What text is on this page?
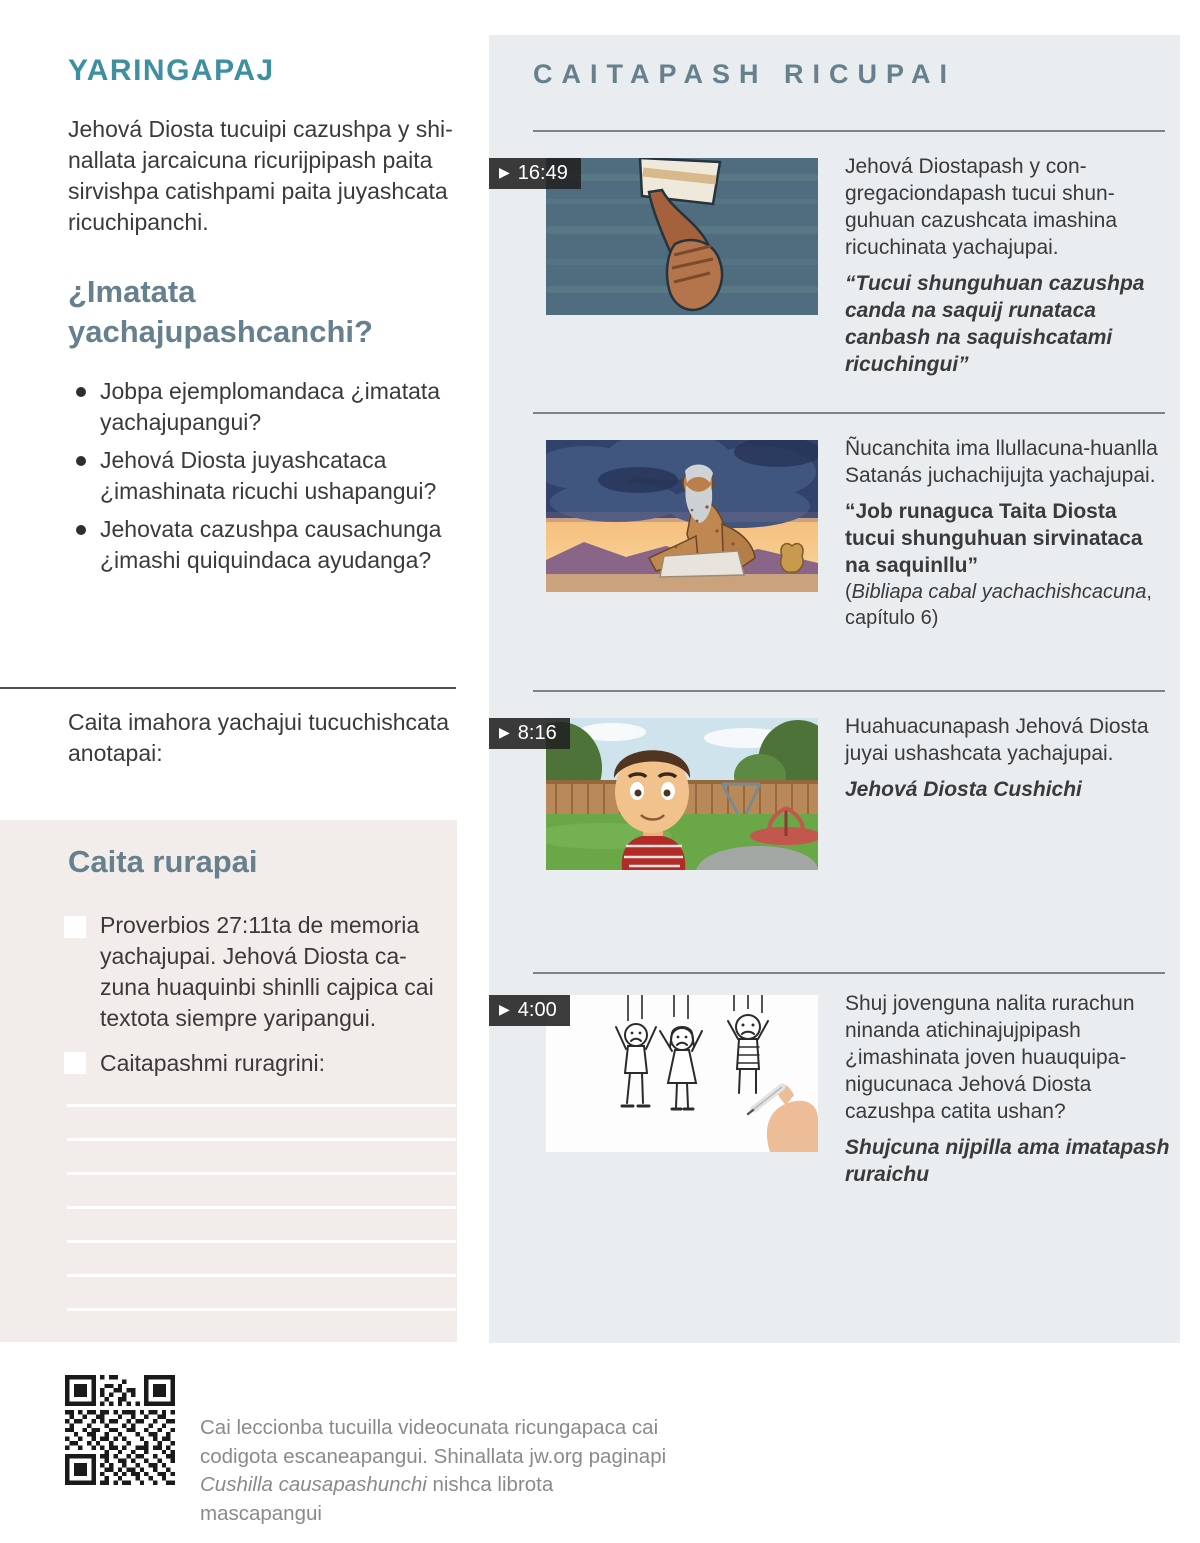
YARINGAPAJ
Jehová Diosta tucuipi cazushpa y shi‐nallata jarcaicuna ricurijpipash paita sirvishpa catishpami paita juyashcata ricuchipanchi.
¿Imatata yachajupashcanchi?
Jobpa ejemplomandaca ¿imatata yachajupangui?
Jehová Diosta juyashcataca ¿imashinata ricuchi ushapangui?
Jehovata cazushpa causachunga ¿imashi quiquindaca ayudanga?
Caita imahora yachajui tucuchishcata anotapai:
Caita rurapai
Proverbios 27:11ta de memoria yachajupai. Jehová Diosta ca‐zuna huaquinbi shinlli cajpica cai textota siempre yaripangui.
Caitapashmi ruragrini:
Cai leccionba tucuilla videocunata ricungapaca cai
codigota escaneapangui. Shinallata jw.org paginapi
Cushilla causapashunchi nishca librota mascapangui
CAITAPASH RICUPAI
▶ 16:49	Jehová Diostapash y con‐gregaciondapash tucui shun‐guhuan cazushcata imashina ricuchinata yachajupai.
“Tucui shunguhuan cazushpa canda na saquij runataca canbash na saquishcatami ricuchingui”
Ñucanchita ima llullacuna‐huanlla Satanás juchachijujta yachajupai.
“Job runaguca Taita Diosta tucui shunguhuan sirvinataca na saquinllu”
(Bibliapa cabal yachachishcacuna, capítulo 6)
▶ 8:16	Huahuacunapash Jehová Diosta juyai ushashcata yachajupai.
Jehová Diosta Cushichi
▶ 4:00	Shuj jovenguna nalita rurachun ninanda atichinajujpipash ¿imashinata joven huauquipa‐nigucunaca Jehová Diosta cazushpa catita ushan?
Shujcuna nijpilla ama imatapash ruraichu
